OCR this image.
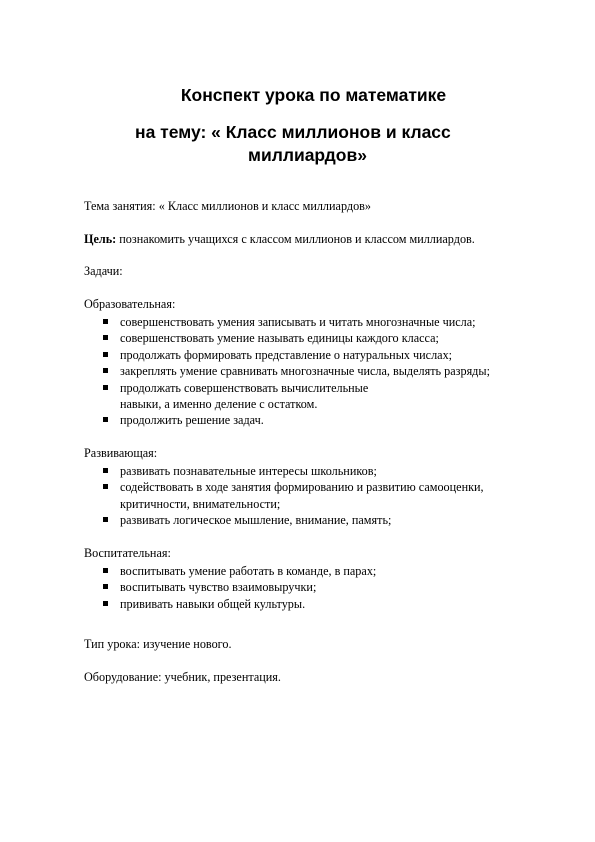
Конспект урока по математике
на тему: « Класс миллионов и класс
миллиардов»

Тема занятия: « Класс миллионов и класс миллиардов»

Цель: познакомить учащихся с классом миллионов и классом миллиардов.

Задачи:

Образовательная:

совершенствовать умения записывать и читать многозначные числа;
совершенствовать умение называть единицы каждого класса;
продолжать формировать представление о натуральных числах;
закреплять умение сравнивать многозначные числа, выделять разряды;
продолжать совершенствовать вычислительные навыки, а именно деление с остатком.
продолжить решение задач.

Развивающая:

развивать познавательные интересы школьников;
содействовать в ходе занятия формированию и развитию самооценки, критичности, внимательности;
развивать логическое мышление, внимание, память;

Воспитательная:

воспитывать умение работать в команде, в парах;
воспитывать чувство взаимовыручки;
прививать навыки общей культуры.

Тип урока: изучение нового.

Оборудование: учебник, презентация.
